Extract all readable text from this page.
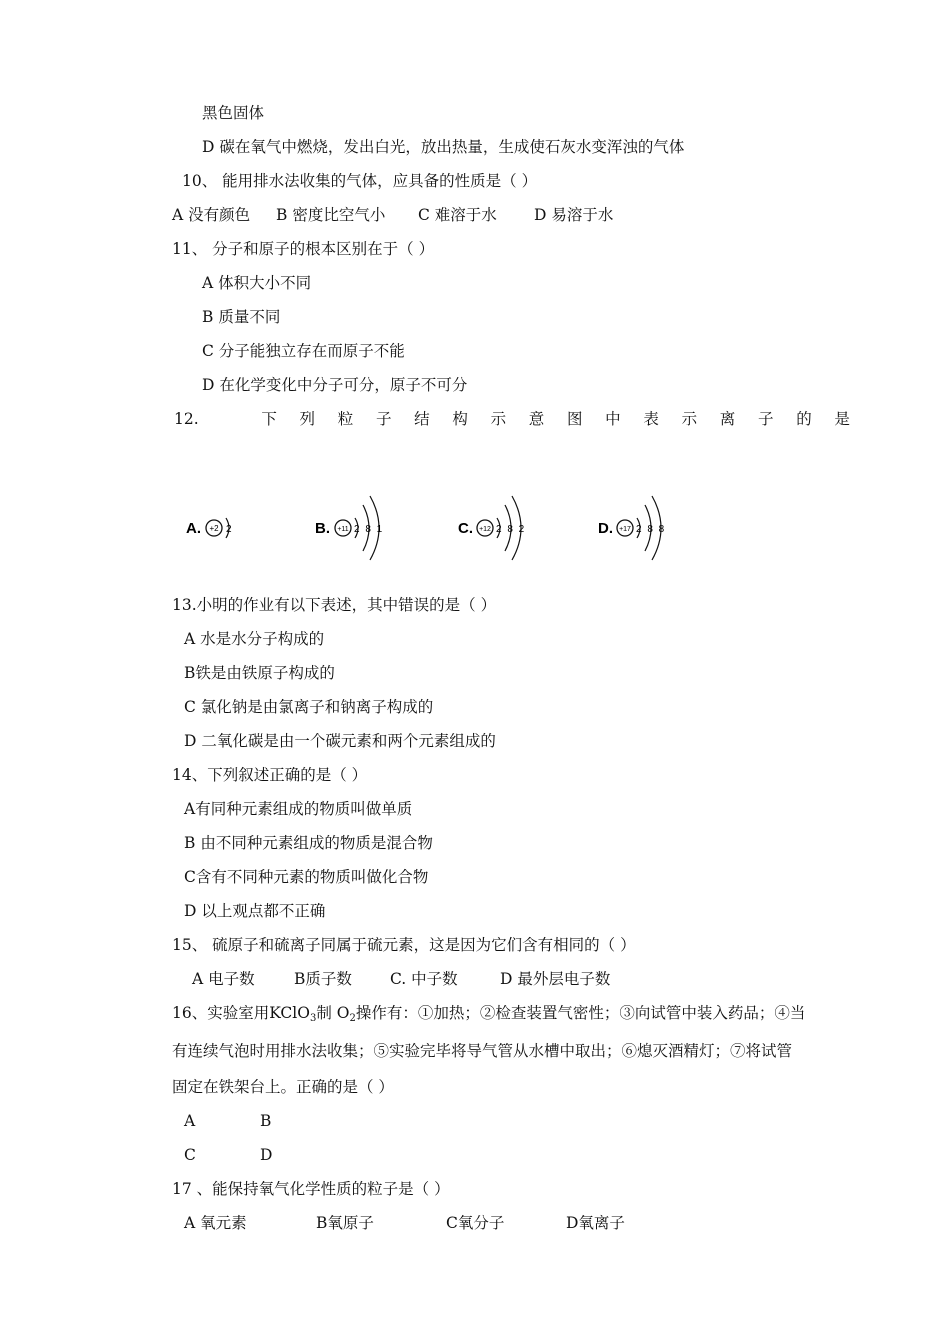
黑色固体
D 碳在氧气中燃烧，发出白光，放出热量，生成使石灰水变浑浊的气体
10、 能用排水法收集的气体，应具备的性质是（ ）
A 没有颜色 B 密度比空气小 C 难溶于水 D 易溶于水
11、 分子和原子的根本区别在于（ ）
A 体积大小不同
B 质量不同
C 分子能独立存在而原子不能
D 在化学变化中分子可分，原子不可分
12.	下 列 粒 子 结 构 示 意 图 中 表 示 离 子 的 是
A. +2 2	B. +11 2 8 1	C. +12 2 8 2	D. +17 2 8 8
13.小明的作业有以下表述，其中错误的是（ ）
A 水是水分子构成的
B铁是由铁原子构成的
C 氯化钠是由氯离子和钠离子构成的
D 二氧化碳是由一个碳元素和两个元素组成的
14、下列叙述正确的是（ ）
A有同种元素组成的物质叫做单质
B 由不同种元素组成的物质是混合物
C含有不同种元素的物质叫做化合物
D 以上观点都不正确
15、 硫原子和硫离子同属于硫元素，这是因为它们含有相同的（ ）
A 电子数	B质子数 C. 中子数	D 最外层电子数
16、实验室用KClO$_3$制 $O_2$操作有：①加热；②检查装置气密性；③向试管中装入药品；④当
有连续气泡时用排水法收集；⑤实验完毕将导气管从水槽中取出；⑥熄灭酒精灯；⑦将试管
固定在铁架台上。正确的是（ ）
A	B
C	D
17 、能保持氧气化学性质的粒子是（ ）
A 氧元素	B氧原子	C氧分子	D氧离子
